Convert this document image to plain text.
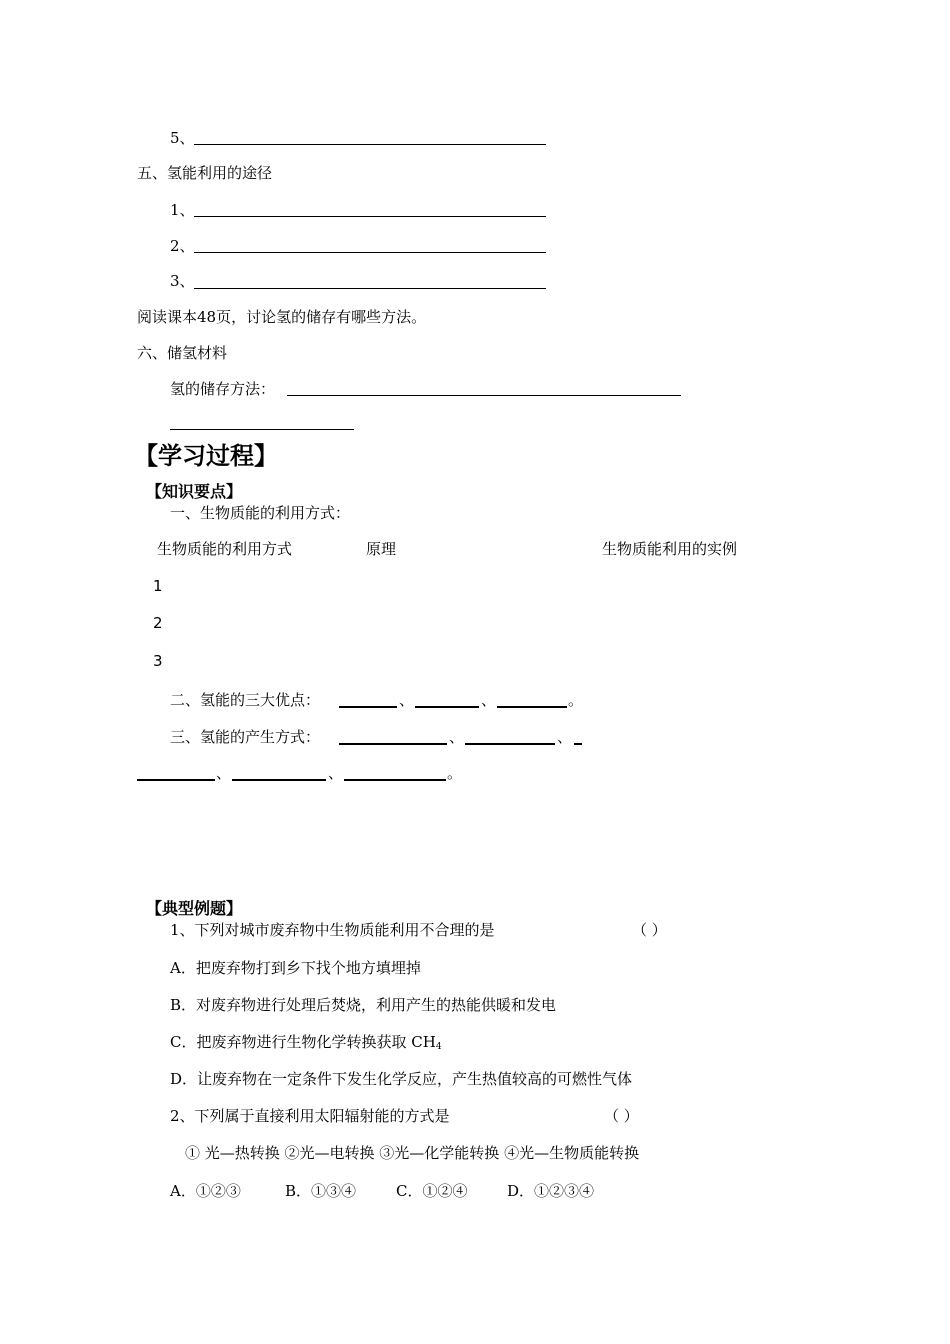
5、
五、氢能利用的途径
1、
2、
3、
阅读课本48页，讨论氢的储存有哪些方法。
六、储氢材料
氢的储存方法：
【学习过程】
【知识要点】
一、生物质能的利用方式：
生物质能的利用方式	原理	生物质能利用的实例
1
2
3
二、氢能的三大优点：	、	、	。
三、氢能的产生方式：	、	、
、	、	。
【典型例题】
1、下列对城市废弃物中生物质能利用不合理的是	（ ）
A．把废弃物打到乡下找个地方填埋掉
B．对废弃物进行处理后焚烧，利用产生的热能供暖和发电
C．把废弃物进行生物化学转换获取 $CH_4$
D．让废弃物在一定条件下发生化学反应，产生热值较高的可燃性气体
2、下列属于直接利用太阳辐射能的方式是	（ ）
① 光—热转换 ②光—电转换 ③光—化学能转换 ④光—生物质能转换
A．①②③	B．①③④	C．①②④	D．①②③④
